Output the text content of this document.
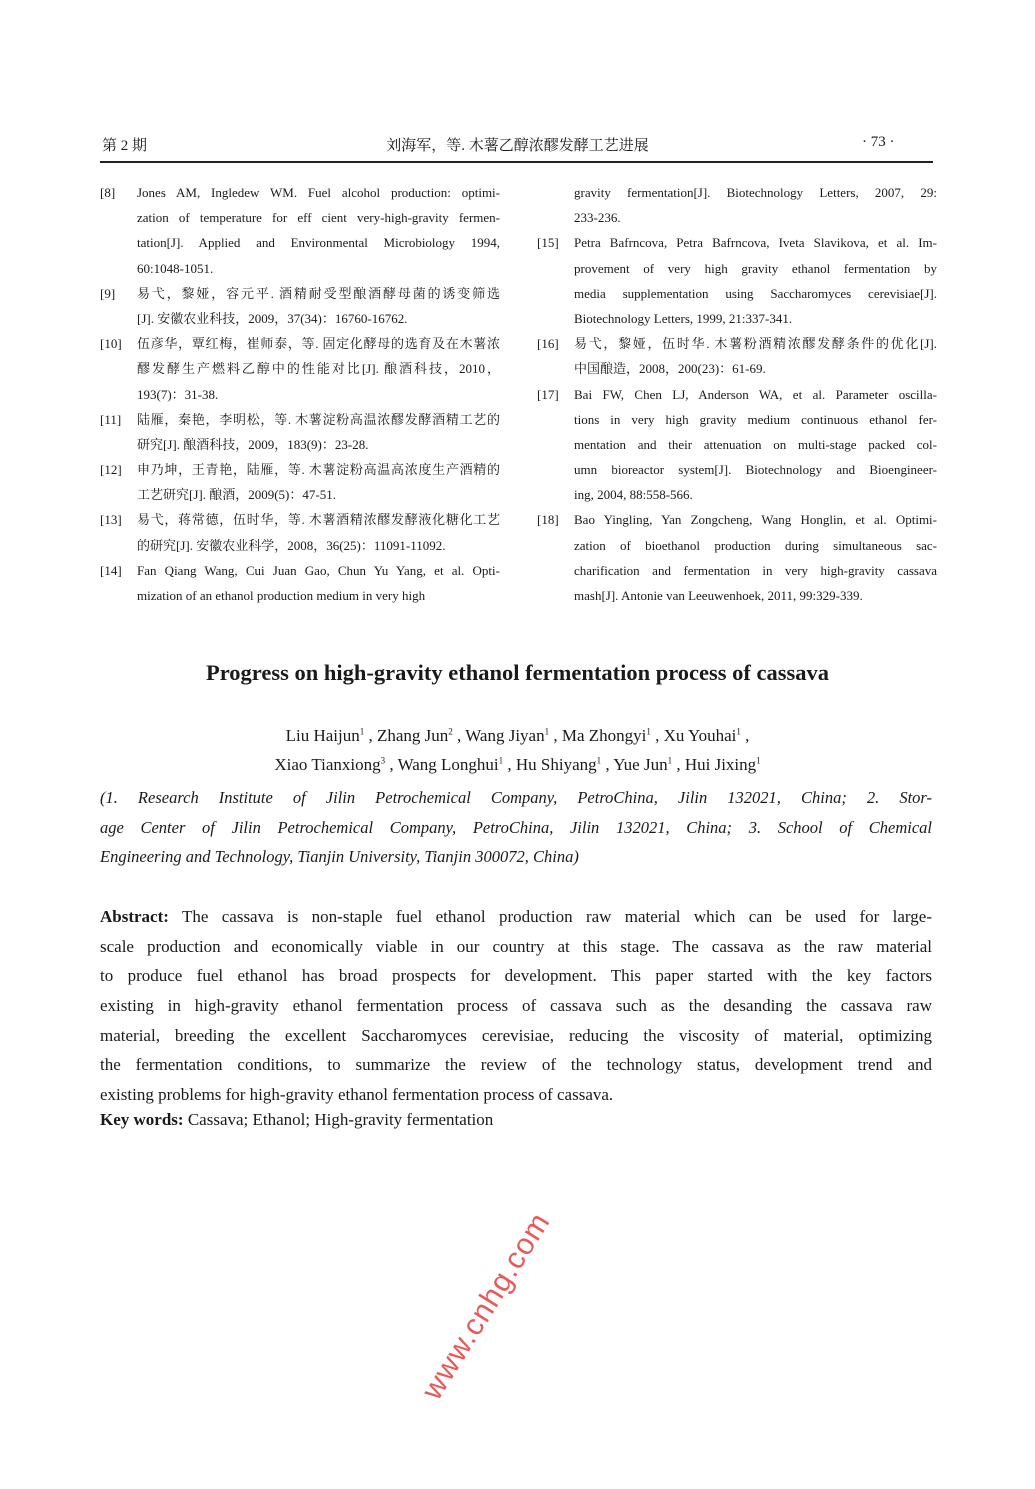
第 2 期	刘海军，等. 木薯乙醇浓醪发酵工艺进展	· 73 ·
[8] Jones AM, Ingledew WM. Fuel alcohol production: optimi-
zation of temperature for eff cient very-high-gravity fermen-
tation[J]. Applied and Environmental Microbiology 1994,
60:1048-1051.
[9] 易弋，黎娅，容元平. 酒精耐受型酿酒酵母菌的诱变筛选
[J]. 安徽农业科技，2009，37(34)：16760-16762.
[10] 伍彦华，覃红梅，崔师泰，等. 固定化酵母的选育及在木薯浓
醪发酵生产燃料乙醇中的性能对比[J]. 酿酒科技，2010，
193(7)：31-38.
[11] 陆雁，秦艳，李明松，等. 木薯淀粉高温浓醪发酵酒精工艺的
研究[J]. 酿酒科技，2009，183(9)：23-28.
[12] 申乃坤，王青艳，陆雁，等. 木薯淀粉高温高浓度生产酒精的
工艺研究[J]. 酿酒，2009(5)：47-51.
[13] 易弋，蒋常德，伍时华，等. 木薯酒精浓醪发酵液化糖化工艺
的研究[J]. 安徽农业科学，2008，36(25)：11091-11092.
[14] Fan Qiang Wang, Cui Juan Gao, Chun Yu Yang, et al. Opti-
mization of an ethanol production medium in very high
gravity fermentation[J]. Biotechnology Letters, 2007, 29:
233-236.
[15] Petra Bafrncova, Petra Bafrncova, Iveta Slavikova, et al. Im-
provement of very high gravity ethanol fermentation by
media supplementation using Saccharomyces cerevisiae[J].
Biotechnology Letters, 1999, 21:337-341.
[16] 易弋，黎娅，伍时华. 木薯粉酒精浓醪发酵条件的优化[J].
中国酿造，2008，200(23)：61-69.
[17] Bai FW, Chen LJ, Anderson WA, et al. Parameter oscilla-
tions in very high gravity medium continuous ethanol fer-
mentation and their attenuation on multi-stage packed col-
umn bioreactor system[J]. Biotechnology and Bioengineer-
ing, 2004, 88:558-566.
[18] Bao Yingling, Yan Zongcheng, Wang Honglin, et al. Optimi-
zation of bioethanol production during simultaneous sac-
charification and fermentation in very high-gravity cassava
mash[J]. Antonie van Leeuwenhoek, 2011, 99:329-339.
Progress on high-gravity ethanol fermentation process of cassava
Liu Haijun$^1$ , Zhang Jun$^2$ , Wang Jiyan$^1$ , Ma Zhongyi$^1$ , Xu Youhai$^1$ ,
Xiao Tianxiong$^3$ , Wang Longhui$^1$ , Hu Shiyang$^1$ , Yue Jun$^1$ , Hui Jixing$^1$
(1. Research Institute of Jilin Petrochemical Company, PetroChina, Jilin 132021, China; 2. Stor-
age Center of Jilin Petrochemical Company, PetroChina, Jilin 132021, China; 3. School of Chemical
Engineering and Technology, Tianjin University, Tianjin 300072, China)
Abstract: The cassava is non-staple fuel ethanol production raw material which can be used for large-
scale production and economically viable in our country at this stage. The cassava as the raw material
to produce fuel ethanol has broad prospects for development. This paper started with the key factors
existing in high-gravity ethanol fermentation process of cassava such as the desanding the cassava raw
material, breeding the excellent Saccharomyces cerevisiae, reducing the viscosity of material, optimizing
the fermentation conditions, to summarize the review of the technology status, development trend and
existing problems for high-gravity ethanol fermentation process of cassava.
Key words: Cassava; Ethanol; High-gravity fermentation
www.cnhg.com
